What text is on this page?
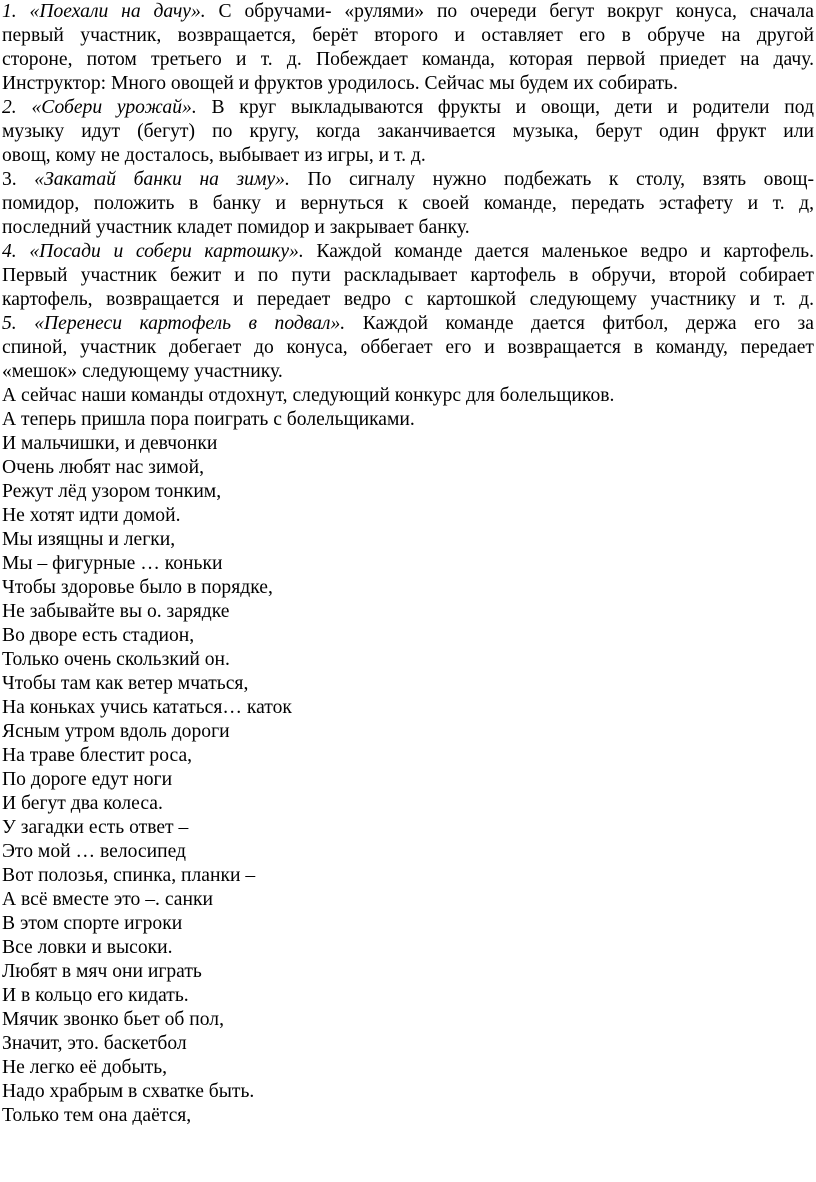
1. «Поехали на дачу». С обручами- «рулями» по очереди бегут вокруг конуса, сначала
первый участник, возвращается, берёт второго и оставляет его в обруче на другой
стороне, потом третьего и т. д. Побеждает команда, которая первой приедет на дачу.
Инструктор: Много овощей и фруктов уродилось. Сейчас мы будем их собирать.
2. «Собери урожай». В круг выкладываются фрукты и овощи, дети и родители под
музыку идут (бегут) по кругу, когда заканчивается музыка, берут один фрукт или
овощ, кому не досталось, выбывает из игры, и т. д.
3. «Закатай банки на зиму». По сигналу нужно подбежать к столу, взять овощ-
помидор, положить в банку и вернуться к своей команде, передать эстафету и т. д,
последний участник кладет помидор и закрывает банку.
4. «Посади и собери картошку». Каждой команде дается маленькое ведро и картофель.
Первый участник бежит и по пути раскладывает картофель в обручи, второй собирает
картофель, возвращается и передает ведро с картошкой следующему участнику и т. д.
5. «Перенеси картофель в подвал». Каждой команде дается фитбол, держа его за
спиной, участник добегает до конуса, оббегает его и возвращается в команду, передает
«мешок» следующему участнику.
А сейчас наши команды отдохнут, следующий конкурс для болельщиков.
А теперь пришла пора поиграть с болельщиками.
И мальчишки, и девчонки
Очень любят нас зимой,
Режут лёд узором тонким,
Не хотят идти домой.
Мы изящны и легки,
Мы – фигурные … коньки
Чтобы здоровье было в порядке,
Не забывайте вы о. зарядке
Во дворе есть стадион,
Только очень скользкий он.
Чтобы там как ветер мчаться,
На коньках учись кататься… каток
Ясным утром вдоль дороги
На траве блестит роса,
По дороге едут ноги
И бегут два колеса.
У загадки есть ответ –
Это мой … велосипед
Вот полозья, спинка, планки –
А всё вместе это –. санки
В этом спорте игроки
Все ловки и высоки.
Любят в мяч они играть
И в кольцо его кидать.
Мячик звонко бьет об пол,
Значит, это. баскетбол
Не легко её добыть,
Надо храбрым в схватке быть.
Только тем она даётся,
